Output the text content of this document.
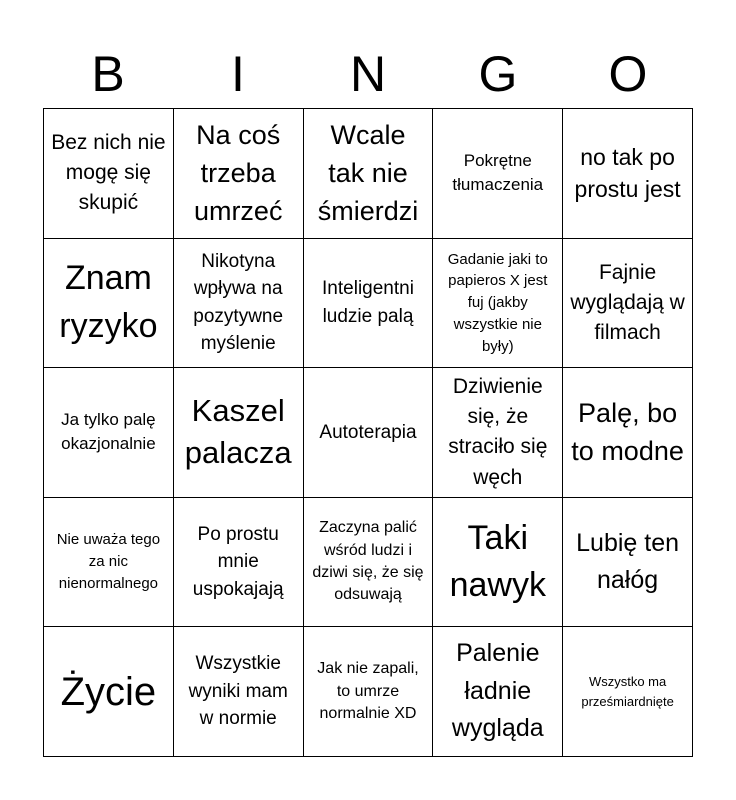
B	I	N	G	O
Bez nich nie mogę się skupić
Na coś trzeba umrzeć
Wcale tak nie śmierdzi
Pokrętne tłumaczenia
no tak po prostu jest
Znam ryzyko
Nikotyna wpływa na pozytywne myślenie
Inteligentni ludzie palą
Gadanie jaki to papieros X jest fuj (jakby wszystkie nie były)
Fajnie wyglądają w filmach
Ja tylko palę okazjonalnie
Kaszel palacza
Autoterapia
Dziwienie się, że straciło się węch
Palę, bo to modne
Nie uważa tego za nic nienormalnego
Po prostu mnie uspokajają
Zaczyna palić wśród ludzi i dziwi się, że się odsuwają
Taki nawyk
Lubię ten nałóg
Życie
Wszystkie wyniki mam w normie
Jak nie zapali, to umrze normalnie XD
Palenie ładnie wygląda
Wszystko ma prześmiardnięte
